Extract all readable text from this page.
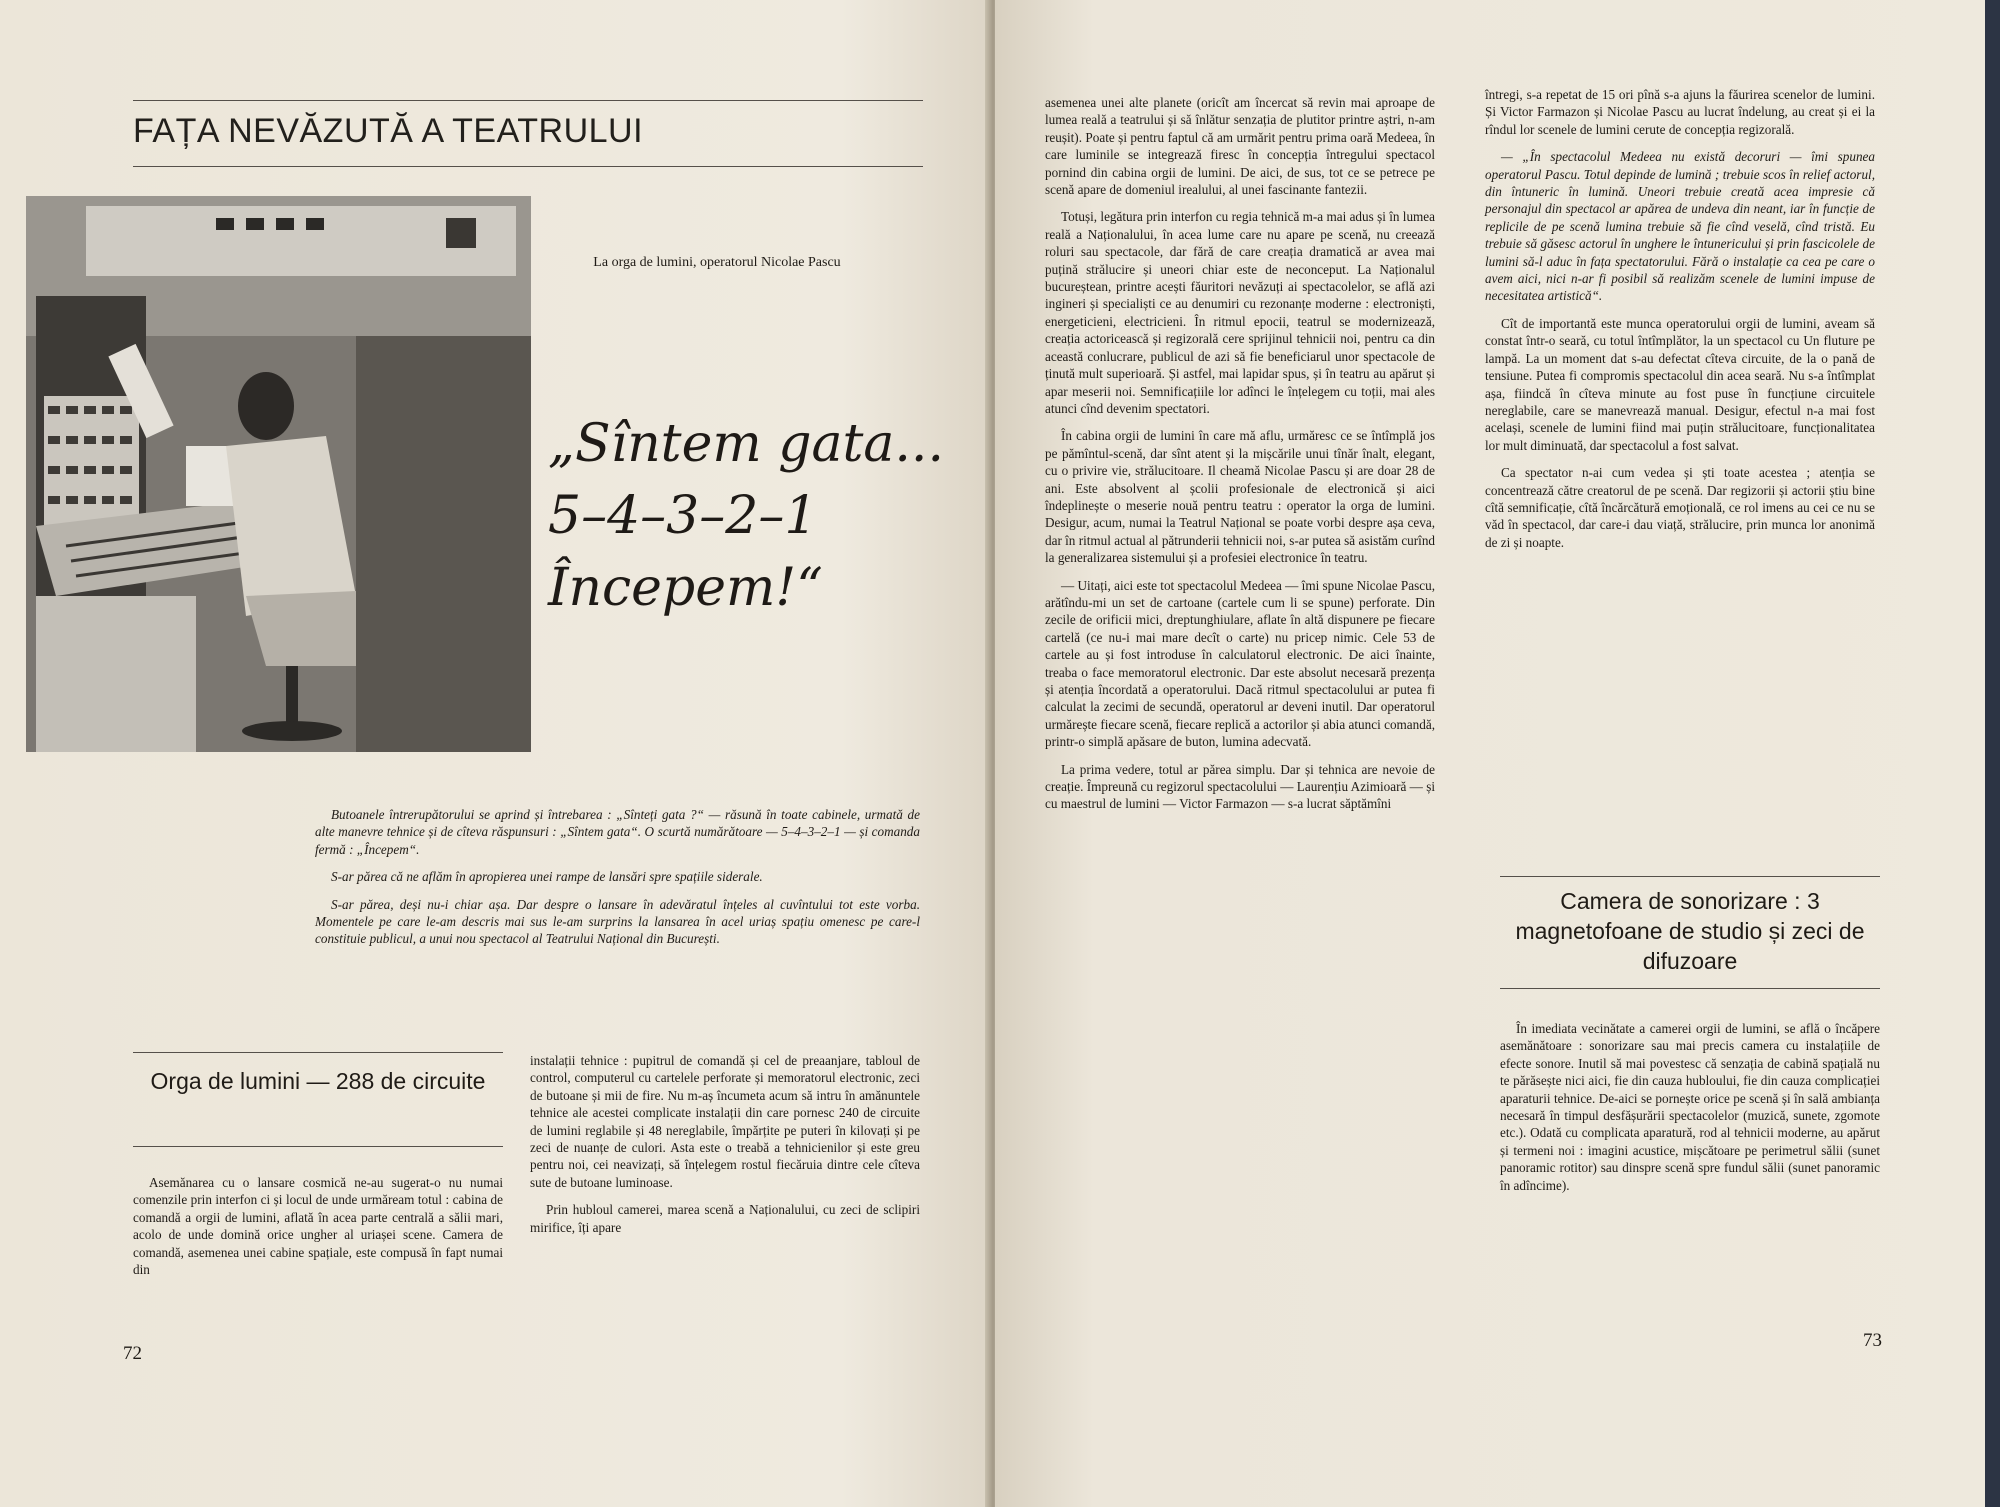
FAȚA NEVĂZUTĂ A TEATRULUI

La orga de lumini, operatorul Nicolae Pascu

„Sîntem gata...
5–4–3–2–1
Începem!“

Butoanele întrerupătorului se aprind și întrebarea : „Sînteți gata ?“ — răsună în toate cabinele, urmată de alte manevre tehnice și de cîteva răspunsuri : „Sîntem gata“. O scurtă numărătoare — 5–4–3–2–1 — și comanda fermă : „Începem“.

S-ar părea că ne aflăm în apropierea unei rampe de lansări spre spațiile siderale.

S-ar părea, deși nu-i chiar așa. Dar despre o lansare în adevăratul înțeles al cuvîntului tot este vorba. Momentele pe care le-am descris mai sus le-am surprins la lansarea în acel uriaș spațiu omenesc pe care-l constituie publicul, a unui nou spectacol al Teatrului Național din București.

Orga de lumini — 288 de circuite

Asemănarea cu o lansare cosmică ne-au sugerat-o nu numai comenzile prin interfon ci și locul de unde urmăream totul : cabina de comandă a orgii de lumini, aflată în acea parte centrală a sălii mari, acolo de unde domină orice ungher al uriașei scene. Camera de comandă, asemenea unei cabine spațiale, este compusă în fapt numai din

instalații tehnice : pupitrul de comandă și cel de preaanjare, tabloul de control, computerul cu cartelele perforate și memoratorul electronic, zeci de butoane și mii de fire. Nu m-aș încumeta acum să intru în amănuntele tehnice ale acestei complicate instalații din care pornesc 240 de circuite de lumini reglabile și 48 nereglabile, împărțite pe puteri în kilovați și pe zeci de nuanțe de culori. Asta este o treabă a tehnicienilor și este greu pentru noi, cei neavizați, să înțelegem rostul fiecăruia dintre cele cîteva sute de butoane luminoase.

Prin hubloul camerei, marea scenă a Naționalului, cu zeci de sclipiri mirifice, îți apare

72

asemenea unei alte planete (oricît am încercat să revin mai aproape de lumea reală a teatrului și să înlătur senzația de plutitor printre aștri, n-am reușit). Poate și pentru faptul că am urmărit pentru prima oară Medeea, în care luminile se integrează firesc în concepția întregului spectacol pornind din cabina orgii de lumini. De aici, de sus, tot ce se petrece pe scenă apare de domeniul irealului, al unei fascinante fantezii.

Totuși, legătura prin interfon cu regia tehnică m-a mai adus și în lumea reală a Naționalului, în acea lume care nu apare pe scenă, nu creează roluri sau spectacole, dar fără de care creația dramatică ar avea mai puțină strălucire și uneori chiar este de neconceput. La Naționalul bucureștean, printre acești făuritori nevăzuți ai spectacolelor, se află azi ingineri și specialiști ce au denumiri cu rezonanțe moderne : electroniști, energeticieni, electricieni. În ritmul epocii, teatrul se modernizează, creația actoricească și regizorală cere sprijinul tehnicii noi, pentru ca din această conlucrare, publicul de azi să fie beneficiarul unor spectacole de ținută mult superioară. Și astfel, mai lapidar spus, și în teatru au apărut și apar meserii noi. Semnificațiile lor adînci le înțelegem cu toții, mai ales atunci cînd devenim spectatori.

În cabina orgii de lumini în care mă aflu, urmăresc ce se întîmplă jos pe pămîntul-scenă, dar sînt atent și la mișcările unui tînăr înalt, elegant, cu o privire vie, strălucitoare. Il cheamă Nicolae Pascu și are doar 28 de ani. Este absolvent al școlii profesionale de electronică și aici îndeplinește o meserie nouă pentru teatru : operator la orga de lumini. Desigur, acum, numai la Teatrul Național se poate vorbi despre așa ceva, dar în ritmul actual al pătrunderii tehnicii noi, s-ar putea să asistăm curînd la generalizarea sistemului și a profesiei electronice în teatru.

— Uitați, aici este tot spectacolul Medeea — îmi spune Nicolae Pascu, arătîndu-mi un set de cartoane (cartele cum li se spune) perforate. Din zecile de orificii mici, dreptunghiulare, aflate în altă dispunere pe fiecare cartelă (ce nu-i mai mare decît o carte) nu pricep nimic. Cele 53 de cartele au și fost introduse în calculatorul electronic. De aici înainte, treaba o face memoratorul electronic. Dar este absolut necesară prezența și atenția încordată a operatorului. Dacă ritmul spectacolului ar putea fi calculat la zecimi de secundă, operatorul ar deveni inutil. Dar operatorul urmărește fiecare scenă, fiecare replică a actorilor și abia atunci comandă, printr-o simplă apăsare de buton, lumina adecvată.

La prima vedere, totul ar părea simplu. Dar și tehnica are nevoie de creație. Împreună cu regizorul spectacolului — Laurențiu Azimioară — și cu maestrul de lumini — Victor Farmazon — s-a lucrat săptămîni

întregi, s-a repetat de 15 ori pînă s-a ajuns la făurirea scenelor de lumini. Și Victor Farmazon și Nicolae Pascu au lucrat îndelung, au creat și ei la rîndul lor scenele de lumini cerute de concepția regizorală.

— „În spectacolul Medeea nu există decoruri — îmi spunea operatorul Pascu. Totul depinde de lumină ; trebuie scos în relief actorul, din întuneric în lumină. Uneori trebuie creată acea impresie că personajul din spectacol ar apărea de undeva din neant, iar în funcție de replicile de pe scenă lumina trebuie să fie cînd veselă, cînd tristă. Eu trebuie să găsesc actorul în unghere le întunericului și prin fascicolele de lumini să-l aduc în fața spectatorului. Fără o instalație ca cea pe care o avem aici, nici n-ar fi posibil să realizăm scenele de lumini impuse de necesitatea artistică“.

Cît de importantă este munca operatorului orgii de lumini, aveam să constat într-o seară, cu totul întîmplător, la un spectacol cu Un fluture pe lampă. La un moment dat s-au defectat cîteva circuite, de la o pană de tensiune. Putea fi compromis spectacolul din acea seară. Nu s-a întîmplat așa, fiindcă în cîteva minute au fost puse în funcțiune circuitele nereglabile, care se manevrează manual. Desigur, efectul n-a mai fost același, scenele de lumini fiind mai puțin strălucitoare, funcționalitatea lor mult diminuată, dar spectacolul a fost salvat.

Ca spectator n-ai cum vedea și ști toate acestea ; atenția se concentrează către creatorul de pe scenă. Dar regizorii și actorii știu bine cîtă semnificație, cîtă încărcătură emoțională, ce rol imens au cei ce nu se văd în spectacol, dar care-i dau viață, strălucire, prin munca lor anonimă de zi și noapte.

Camera de sonorizare : 3 magnetofoane de studio și zeci de difuzoare

În imediata vecinătate a camerei orgii de lumini, se află o încăpere asemănătoare : sonorizare sau mai precis camera cu instalațiile de efecte sonore. Inutil să mai povestesc că senzația de cabină spațială nu te părăsește nici aici, fie din cauza hubloului, fie din cauza complicației aparaturii tehnice. De-aici se pornește orice pe scenă și în sală ambianța necesară în timpul desfășurării spectacolelor (muzică, sunete, zgomote etc.). Odată cu complicata aparatură, rod al tehnicii moderne, au apărut și termeni noi : imagini acustice, mișcătoare pe perimetrul sălii (sunet panoramic rotitor) sau dinspre scenă spre fundul sălii (sunet panoramic în adîncime).

73
